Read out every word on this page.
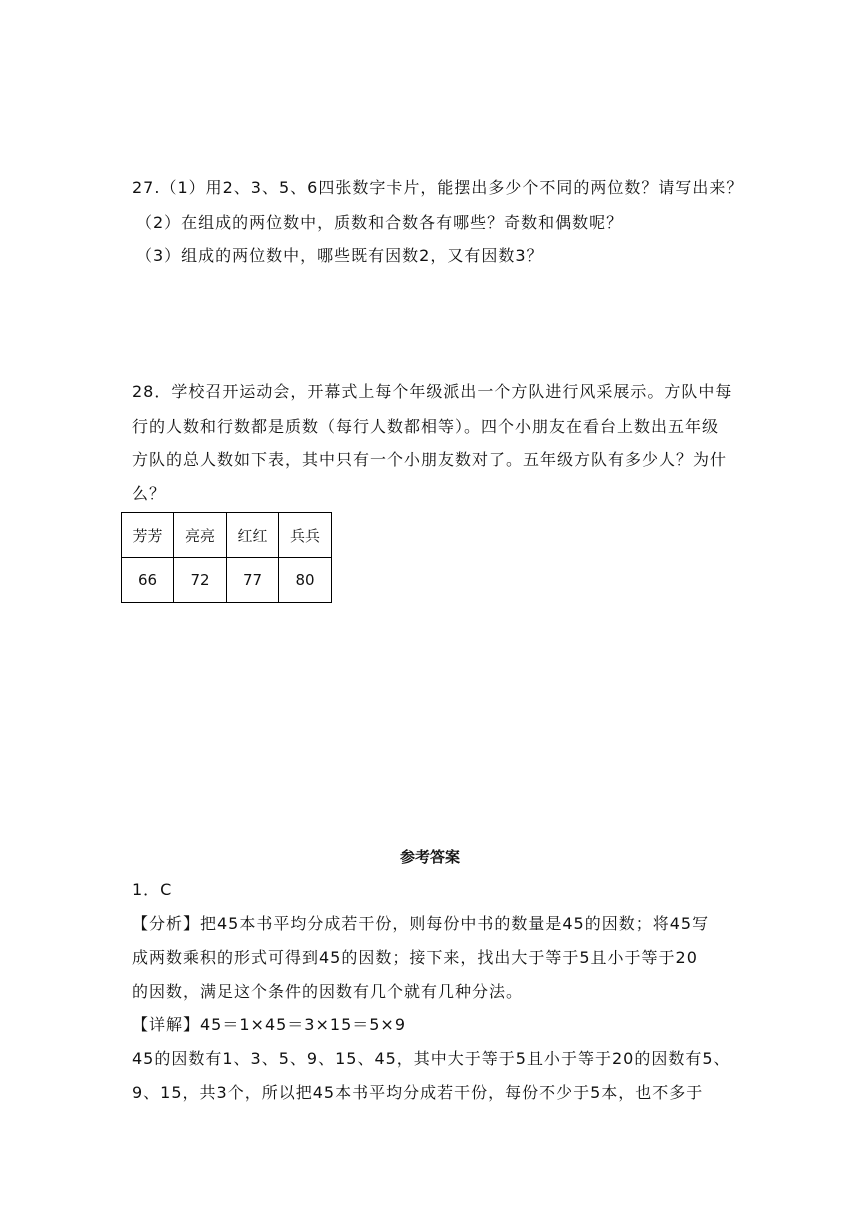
27.（1）用2、3、5、6四张数字卡片，能摆出多少个不同的两位数？请写出来？
（2）在组成的两位数中，质数和合数各有哪些？奇数和偶数呢？
（3）组成的两位数中，哪些既有因数2，又有因数3？
28．学校召开运动会，开幕式上每个年级派出一个方队进行风采展示。方队中每
行的人数和行数都是质数（每行人数都相等）。四个小朋友在看台上数出五年级
方队的总人数如下表，其中只有一个小朋友数对了。五年级方队有多少人？为什
么？
芳芳	亮亮	红红	兵兵
66	72	77	80
参考答案
1．C
【分析】把45本书平均分成若干份，则每份中书的数量是45的因数；将45写
成两数乘积的形式可得到45的因数；接下来，找出大于等于5且小于等于20
的因数，满足这个条件的因数有几个就有几种分法。
【详解】45＝1×45＝3×15＝5×9
45的因数有1、3、5、9、15、45，其中大于等于5且小于等于20的因数有5、
9、15，共3个，所以把45本书平均分成若干份，每份不少于5本，也不多于
